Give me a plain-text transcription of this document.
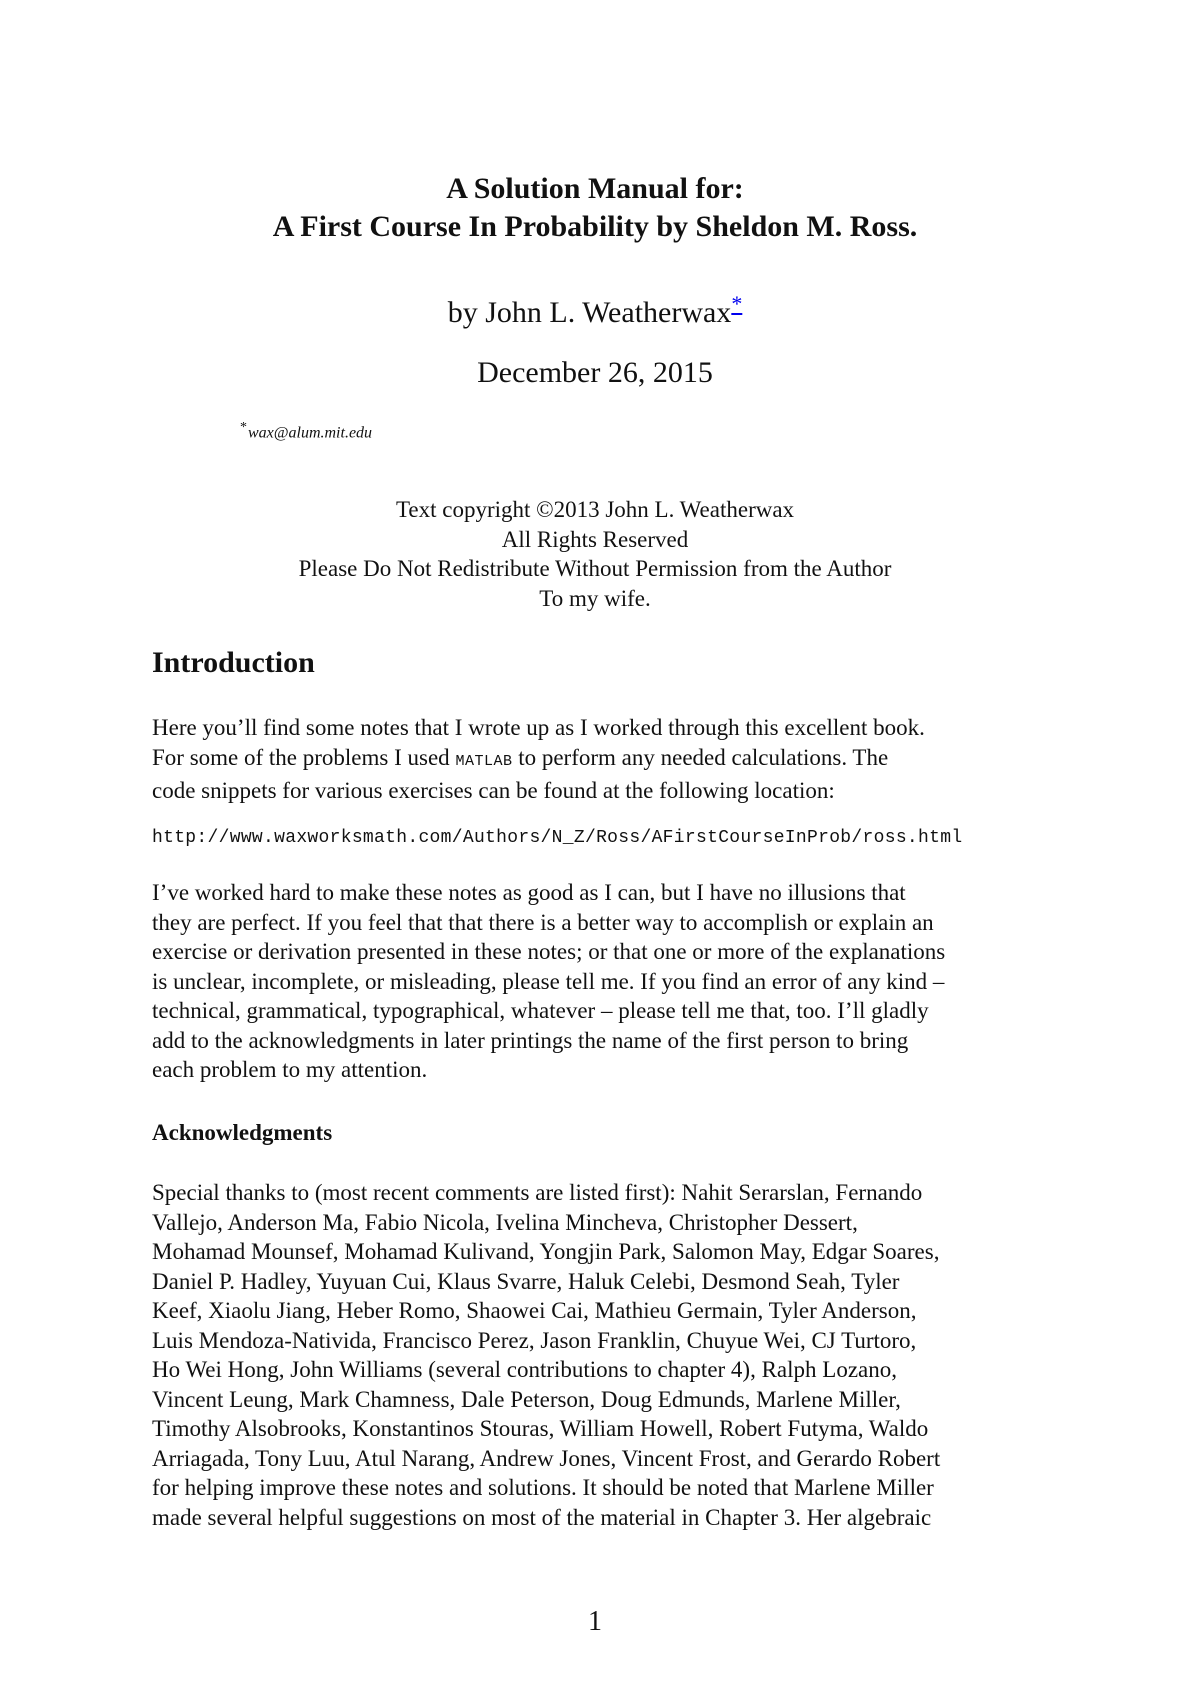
A Solution Manual for:
A First Course In Probability by Sheldon M. Ross.
by John L. Weatherwax*
December 26, 2015
*wax@alum.mit.edu
Text copyright ©2013 John L. Weatherwax
All Rights Reserved
Please Do Not Redistribute Without Permission from the Author
To my wife.
Introduction
Here you’ll find some notes that I wrote up as I worked through this excellent book.
For some of the problems I used MATLAB to perform any needed calculations. The
code snippets for various exercises can be found at the following location:
http://www.waxworksmath.com/Authors/N_Z/Ross/AFirstCourseInProb/ross.html
I’ve worked hard to make these notes as good as I can, but I have no illusions that
they are perfect. If you feel that that there is a better way to accomplish or explain an
exercise or derivation presented in these notes; or that one or more of the explanations
is unclear, incomplete, or misleading, please tell me. If you find an error of any kind –
technical, grammatical, typographical, whatever – please tell me that, too. I’ll gladly
add to the acknowledgments in later printings the name of the first person to bring
each problem to my attention.
Acknowledgments
Special thanks to (most recent comments are listed first): Nahit Serarslan, Fernando
Vallejo, Anderson Ma, Fabio Nicola, Ivelina Mincheva, Christopher Dessert,
Mohamad Mounsef, Mohamad Kulivand, Yongjin Park, Salomon May, Edgar Soares,
Daniel P. Hadley, Yuyuan Cui, Klaus Svarre, Haluk Celebi, Desmond Seah, Tyler
Keef, Xiaolu Jiang, Heber Romo, Shaowei Cai, Mathieu Germain, Tyler Anderson,
Luis Mendoza-Nativida, Francisco Perez, Jason Franklin, Chuyue Wei, CJ Turtoro,
Ho Wei Hong, John Williams (several contributions to chapter 4), Ralph Lozano,
Vincent Leung, Mark Chamness, Dale Peterson, Doug Edmunds, Marlene Miller,
Timothy Alsobrooks, Konstantinos Stouras, William Howell, Robert Futyma, Waldo
Arriagada, Tony Luu, Atul Narang, Andrew Jones, Vincent Frost, and Gerardo Robert
for helping improve these notes and solutions. It should be noted that Marlene Miller
made several helpful suggestions on most of the material in Chapter 3. Her algebraic
1
